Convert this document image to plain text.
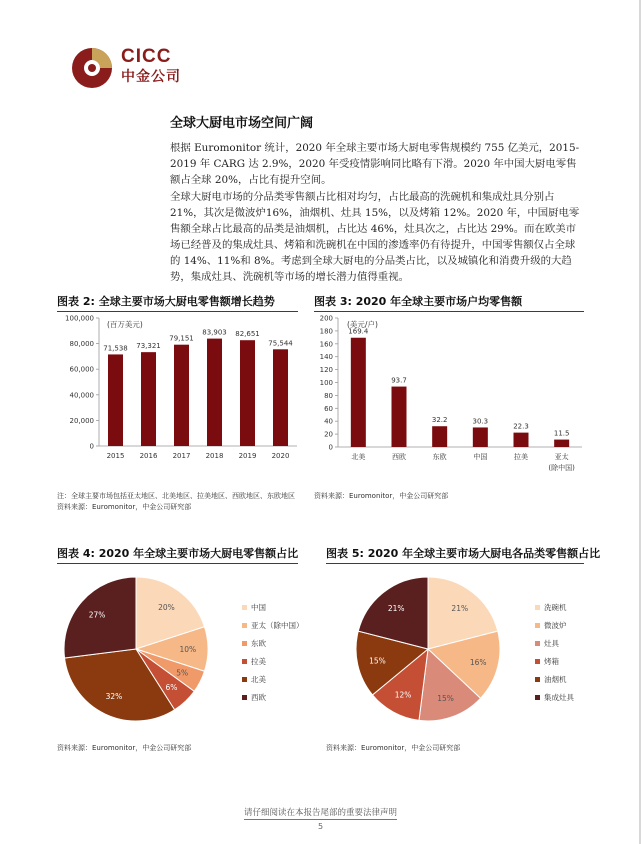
CICC
中金公司
全球大厨电市场空间广阔
根据 Euromonitor 统计，2020 年全球主要市场大厨电零售规模约 755 亿美元，2015-2019 年 CARG 达 2.9%，2020 年受疫情影响同比略有下滑。2020 年中国大厨电零售额占全球 20%，占比有提升空间。
全球大厨电市场的分品类零售额占比相对均匀，占比最高的洗碗机和集成灶具分别占 21%，其次是微波炉16%，油烟机、灶具 15%，以及烤箱 12%。2020 年，中国厨电零售额全球占比最高的品类是油烟机，占比达 46%，灶具次之，占比达 29%。而在欧美市场已经普及的集成灶具、烤箱和洗碗机在中国的渗透率仍有待提升，中国零售额仅占全球的 14%、11%和 8%。考虑到全球大厨电的分品类占比，以及城镇化和消费升级的大趋势，集成灶具、洗碗机等市场的增长潜力值得重视。
图表 2: 全球主要市场大厨电零售额增长趋势	图表 3: 2020 年全球主要市场户均零售额
0
20,000
40,000
60,000
80,000
100,000
(百万美元)
71,538
2015
73,321
2016
79,151
2017
83,903
2018
82,651
2019
75,544
2020
注：全球主要市场包括亚太地区、北美地区、拉美地区、西欧地区、东欧地区
资料来源：Euromonitor，中金公司研究部
0
20
40
60
80
100
120
140
160
180
200
(美元/户)
169.4
北美
93.7
西欧
32.2
东欧
30.3
中国
22.3
拉美
11.5
亚太
(除中国)
资料来源：Euromonitor，中金公司研究部
图表 4: 2020 年全球主要市场大厨电零售额占比	图表 5: 2020 年全球主要市场大厨电各品类零售额占比
20%
10%
5%
6%
32%
27%
中国
亚太（除中国）
东欧
拉美
北美
西欧
21%
16%
15%
12%
15%
21%	洗碗机
微波炉
灶具
烤箱
油烟机
集成灶具
资料来源：Euromonitor，中金公司研究部	资料来源：Euromonitor，中金公司研究部
请仔细阅读在本报告尾部的重要法律声明
5
